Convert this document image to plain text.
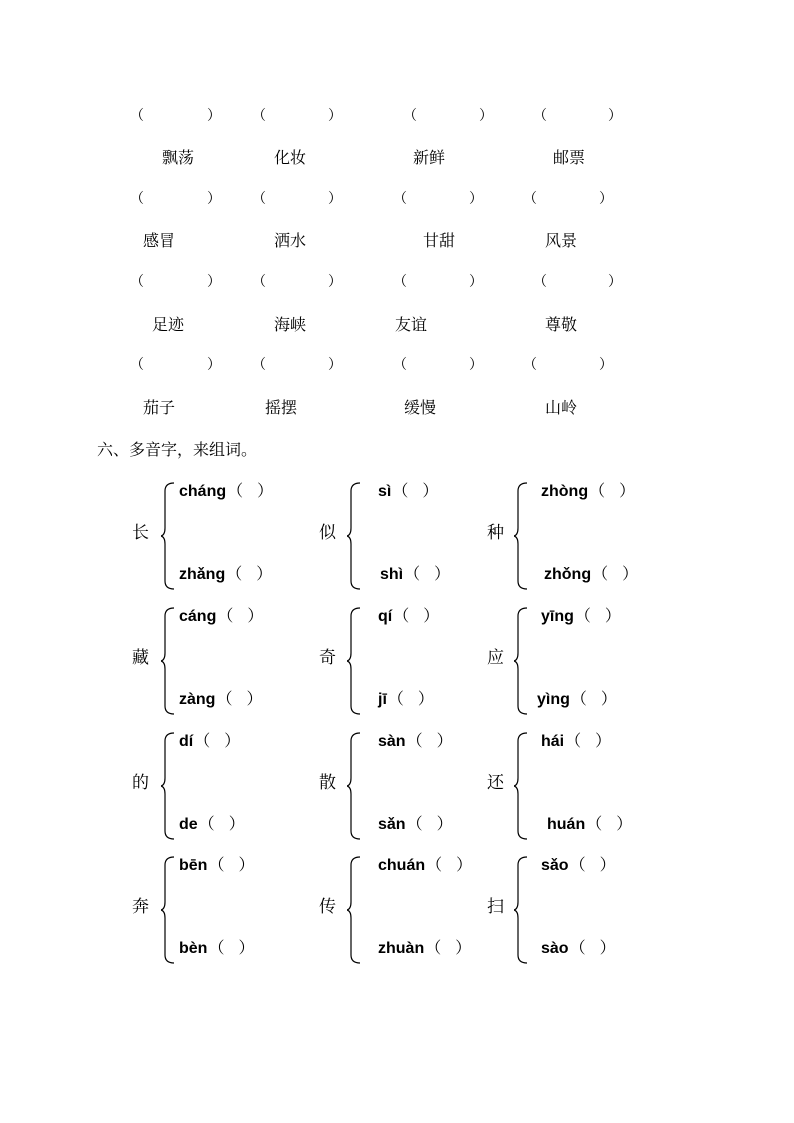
（	）
飘荡
（	）
化妆
（	）
新鲜
（	）
邮票
（	）
感冒
（	）
洒水
（	）
甘甜
（	）
风景
（	）
足迹
（	）
海峡
（	）
友谊
（	）
尊敬
（	）
茄子
（	）
摇摆
（	）
缓慢
（	）
山岭
六、多音字，来组词。
长
cháng（ ）
zhǎng（ ）
似
sì（ ）
shì（ ）
种
zhòng（ ）
zhǒng（ ）
藏
cáng（ ）
zàng（ ）
奇
qí（ ）
jī（ ）
应
yīng（ ）
yìng（ ）
的
dí（ ）
de（ ）
散
sàn（ ）
sǎn（ ）
还
hái（ ）
huán（ ）
奔
bēn（ ）
bèn（ ）
传
chuán（ ）
zhuàn（ ）
扫
sǎo（ ）
sào（ ）
